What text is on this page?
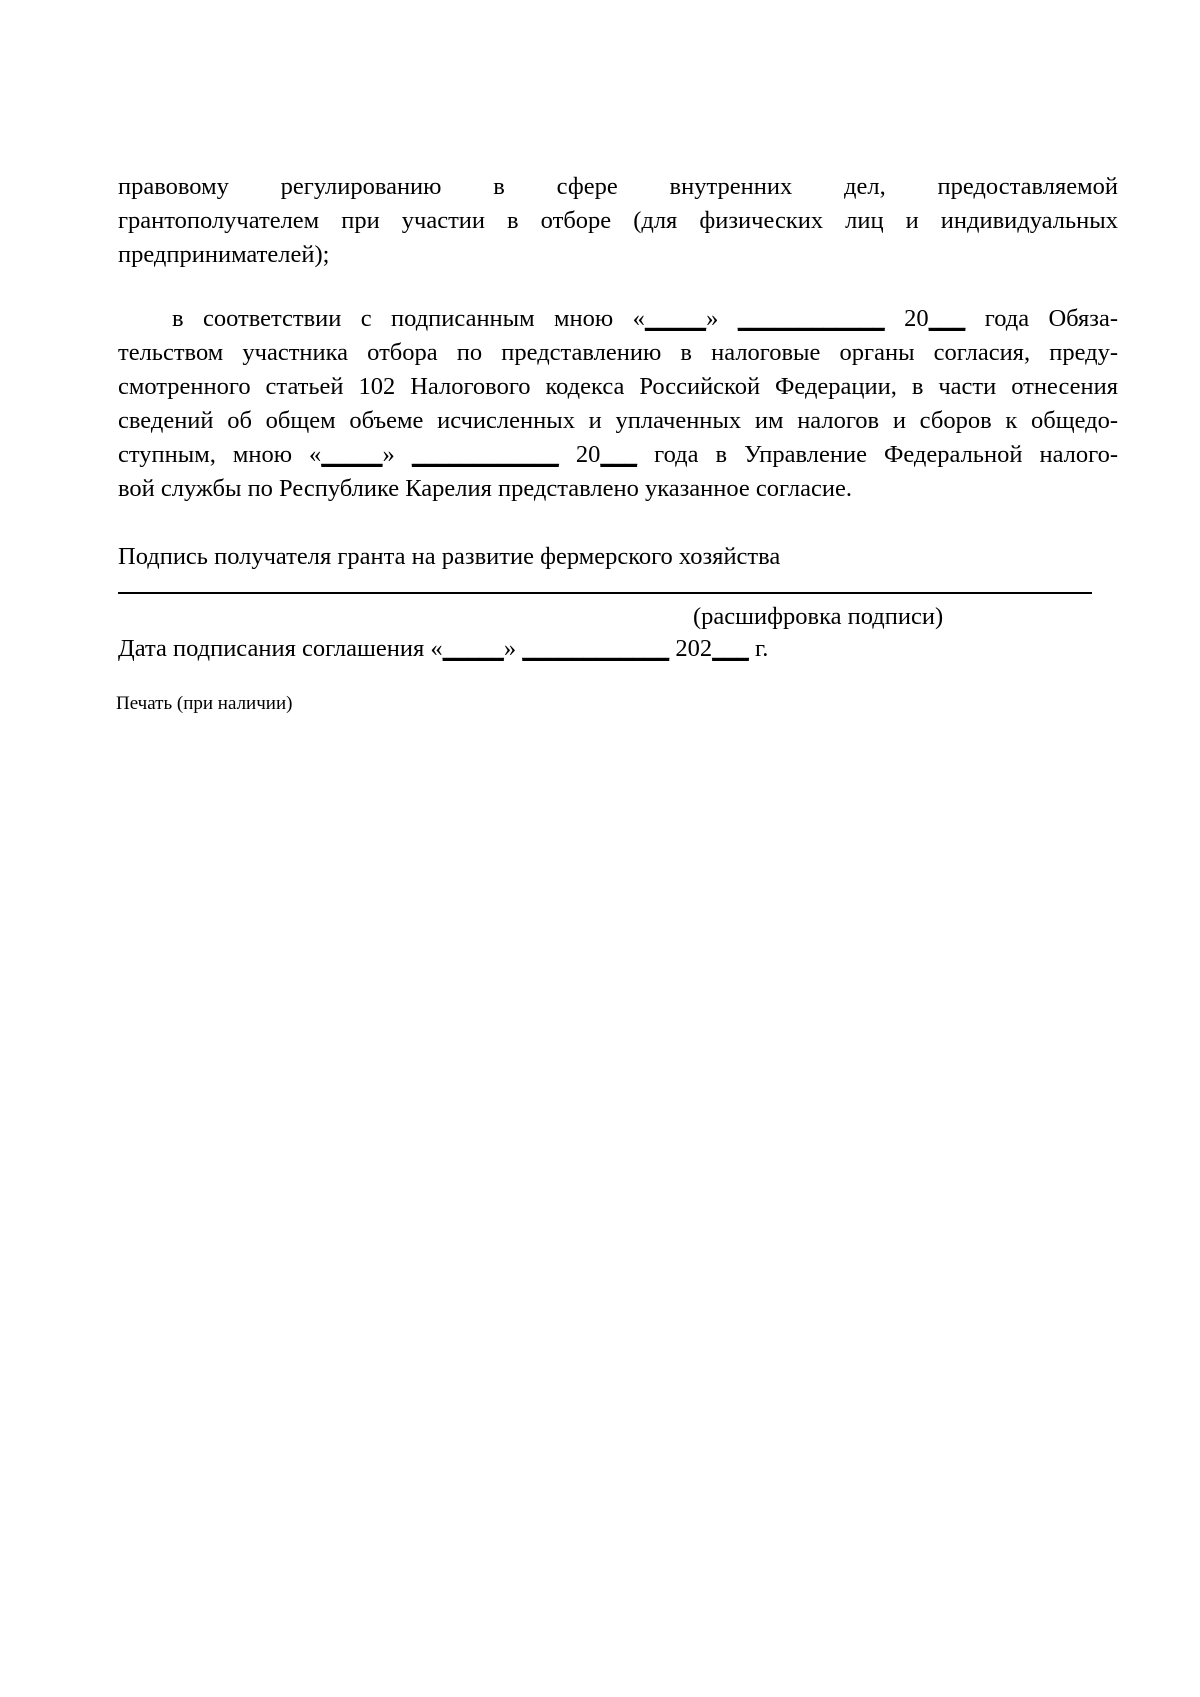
правовому регулированию в сфере внутренних дел, предоставляемой
грантополучателем при участии в отборе (для физических лиц и индивидуальных
предпринимателей);
в соответствии с подписанным мною «_____» ____________ 20___ года Обяза-
тельством участника отбора по представлению в налоговые органы согласия, преду-
смотренного статьей 102 Налогового кодекса Российской Федерации, в части отнесения
сведений об общем объеме исчисленных и уплаченных им налогов и сборов к общедо-
ступным, мною «_____» ____________ 20___ года в Управление Федеральной налого-
вой службы по Республике Карелия представлено указанное согласие.
Подпись получателя гранта на развитие фермерского хозяйства
(расшифровка подписи)
Дата подписания соглашения «_____» ____________ 202___ г.
Печать (при наличии)
